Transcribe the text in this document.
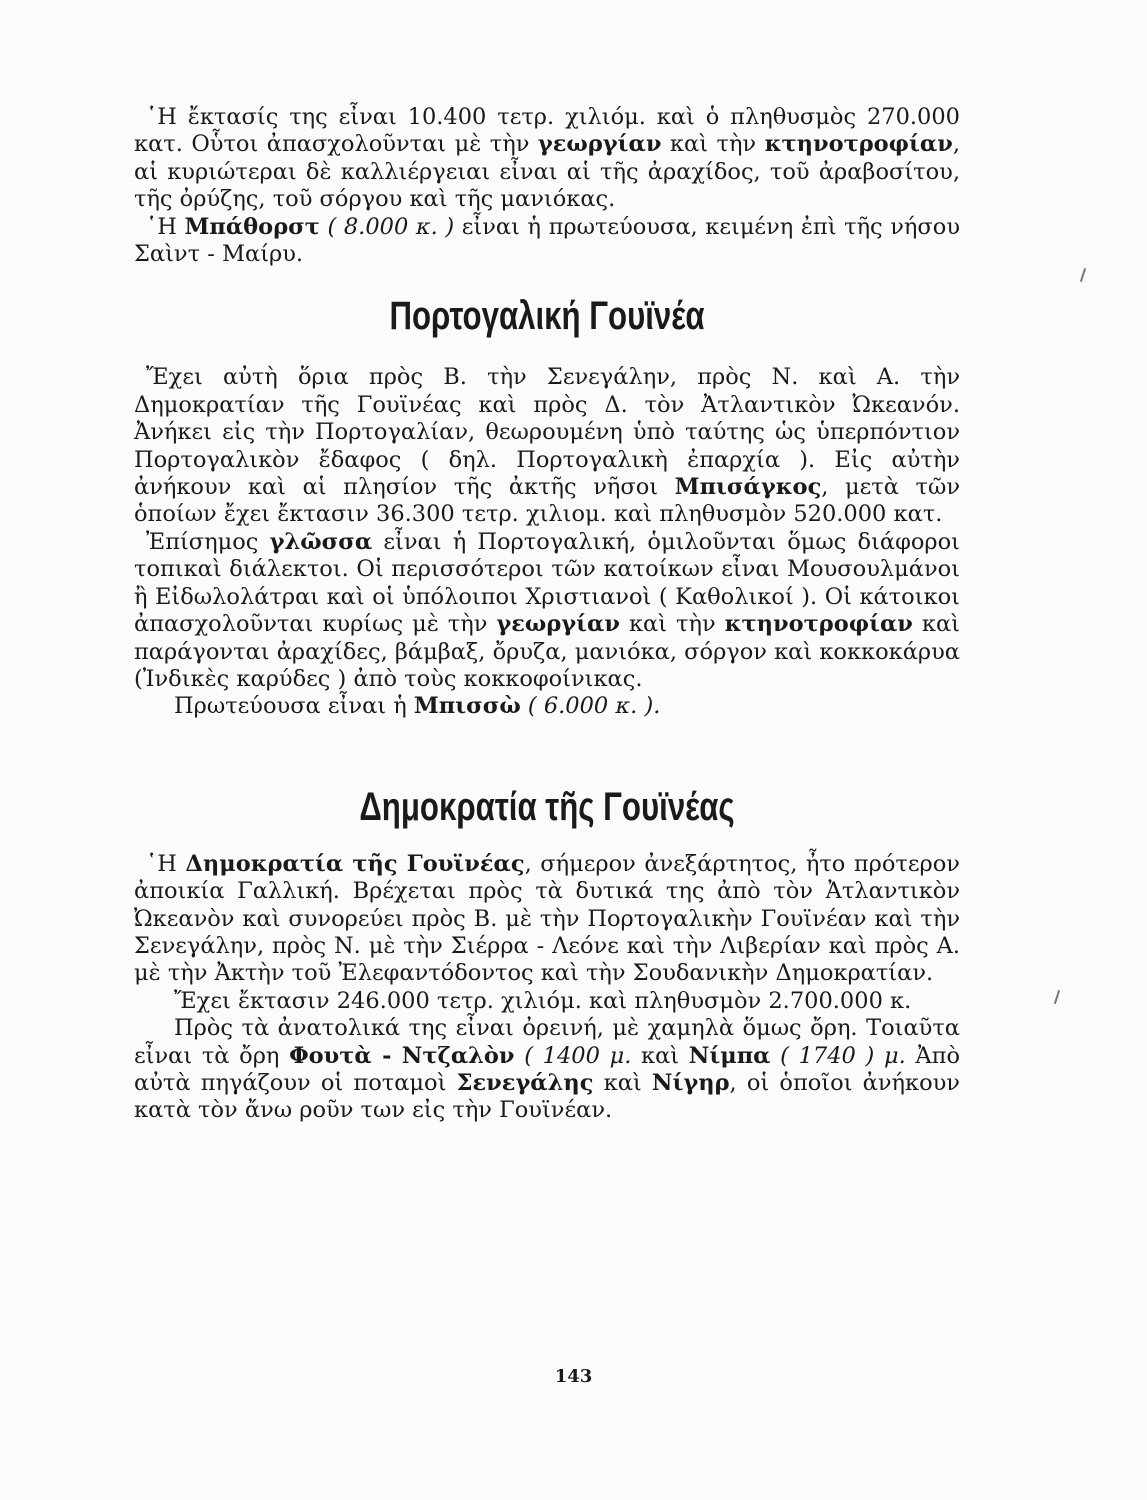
῾Η ἔκτασίς της εἶναι 10.400 τετρ. χιλιόμ. καὶ ὁ πληθυσμὸς 270.000 κατ. Οὗτοι ἀπασχολοῦνται μὲ τὴν γεωργίαν καὶ τὴν κτηνοτροφίαν, αἱ κυριώτεραι δὲ καλλιέργειαι εἶναι αἱ τῆς ἀραχίδος, τοῦ ἀραβοσίτου, τῆς ὀρύζης, τοῦ σόργου καὶ τῆς μανιόκας.

῾Η Μπάθορστ ( 8.000 κ. ) εἶναι ἡ πρωτεύουσα, κειμένη ἐπὶ τῆς νήσου Σαὶντ - Μαίρυ.

Πορτογαλική Γουϊνέα

Ἔχει αὐτὴ ὅρια πρὸς Β. τὴν Σενεγάλην, πρὸς Ν. καὶ Α. τὴν Δημοκρατίαν τῆς Γουϊνέας καὶ πρὸς Δ. τὸν Ἀτλαντικὸν Ὠκεανόν. Ἀνήκει εἰς τὴν Πορτογαλίαν, θεωρουμένη ὑπὸ ταύτης ὡς ὑπερπόντιον Πορτογαλικὸν ἔδαφος ( δηλ. Πορτογαλικὴ ἐπαρχία ). Εἰς αὐτὴν ἀνήκουν καὶ αἱ πλησίον τῆς ἀκτῆς νῆσοι Μπισάγκος, μετὰ τῶν ὁποίων ἔχει ἔκτασιν 36.300 τετρ. χιλιομ. καὶ πληθυσμὸν 520.000 κατ.

Ἐπίσημος γλῶσσα εἶναι ἡ Πορτογαλική, ὁμιλοῦνται ὅμως διάφοροι τοπικαὶ διάλεκτοι. Οἱ περισσότεροι τῶν κατοίκων εἶναι Μουσουλμάνοι ἢ Εἰδωλολάτραι καὶ οἱ ὑπόλοιποι Χριστιανοὶ ( Καθολικοί ). Οἱ κάτοικοι ἀπασχολοῦνται κυρίως μὲ τὴν γεωργίαν καὶ τὴν κτηνοτροφίαν καὶ παράγονται ἀραχίδες, βάμβαξ, ὄρυζα, μανιόκα, σόργον καὶ κοκκοκάρυα (Ἰνδικὲς καρύδες ) ἀπὸ τοὺς κοκκοφοίνικας.

Πρωτεύουσα εἶναι ἡ Μπισσὼ ( 6.000 κ. ).

Δημοκρατία τῆς Γουϊνέας

῾Η Δημοκρατία τῆς Γουϊνέας, σήμερον ἀνεξάρτητος, ἦτο πρότερον ἀποικία Γαλλική. Βρέχεται πρὸς τὰ δυτικά της ἀπὸ τὸν Ἀτλαντικὸν Ὠκεανὸν καὶ συνορεύει πρὸς Β. μὲ τὴν Πορτογαλικὴν Γουϊνέαν καὶ τὴν Σενεγάλην, πρὸς Ν. μὲ τὴν Σιέρρα - Λεόνε καὶ τὴν Λιβερίαν καὶ πρὸς Α. μὲ τὴν Ἀκτὴν τοῦ Ἐλεφαντόδοντος καὶ τὴν Σουδανικὴν Δημοκρατίαν.

Ἔχει ἔκτασιν 246.000 τετρ. χιλιόμ. καὶ πληθυσμὸν 2.700.000 κ.

Πρὸς τὰ ἀνατολικά της εἶναι ὀρεινή, μὲ χαμηλὰ ὅμως ὄρη. Τοιαῦτα εἶναι τὰ ὄρη Φουτὰ - Ντζαλὸν ( 1400 μ. καὶ Νίμπα ( 1740 ) μ. Ἀπὸ αὐτὰ πηγάζουν οἱ ποταμοὶ Σενεγάλης καὶ Νίγηρ, οἱ ὁποῖοι ἀνήκουν κατὰ τὸν ἄνω ροῦν των εἰς τὴν Γουϊνέαν.

143
